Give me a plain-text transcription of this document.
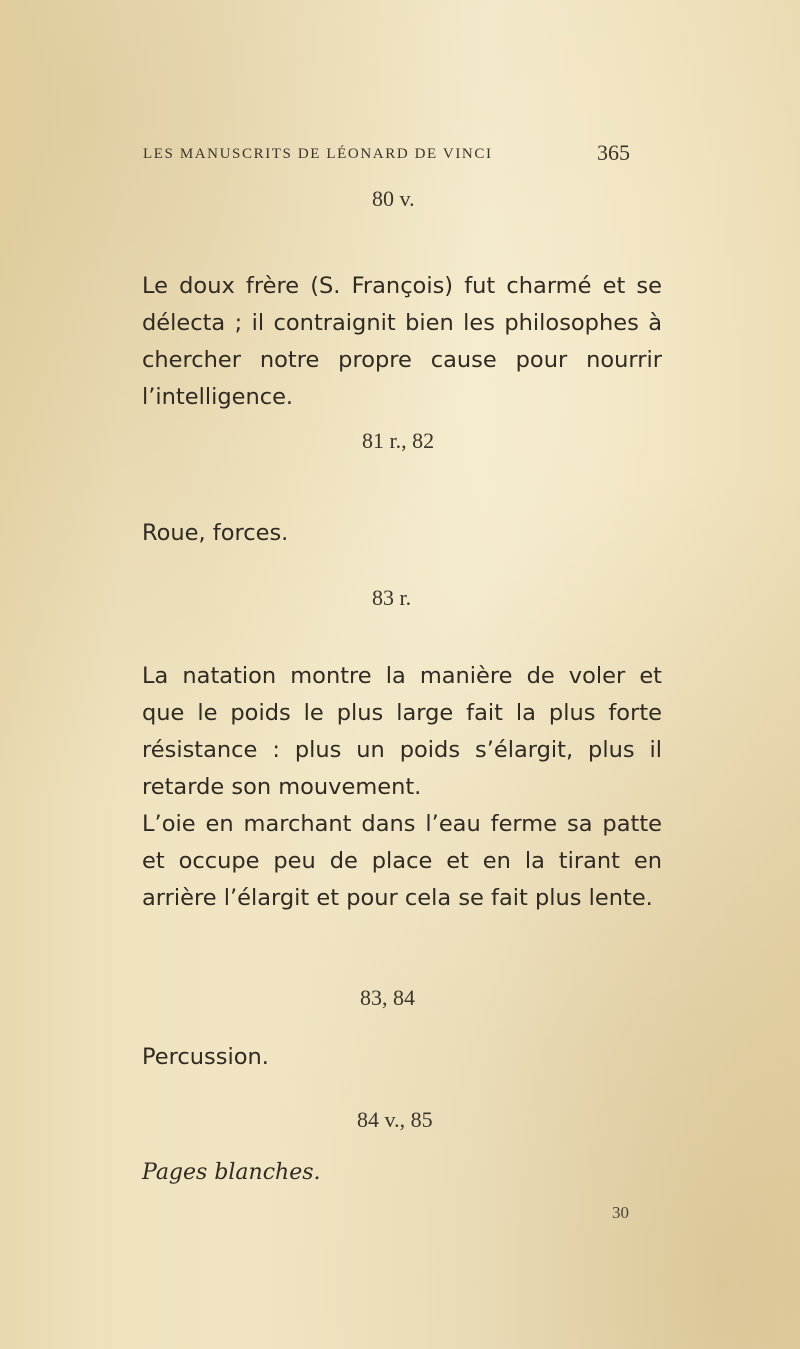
LES MANUSCRITS DE LÉONARD DE VINCI	365
80 v.

Le doux frère (S. François) fut charmé et se délecta ; il contraignit bien les philosophes à chercher notre propre cause pour nourrir l’intelligence.

81 r., 82
Roue, forces.
83 r.

La natation montre la manière de voler et que le poids le plus large fait la plus forte résistance : plus un poids s’élargit, plus il retarde son mouvement.

L’oie en marchant dans l’eau ferme sa patte et occupe peu de place et en la tirant en arrière l’élargit et pour cela se fait plus lente.

83, 84
Percussion.
84 v., 85
Pages blanches.
30
